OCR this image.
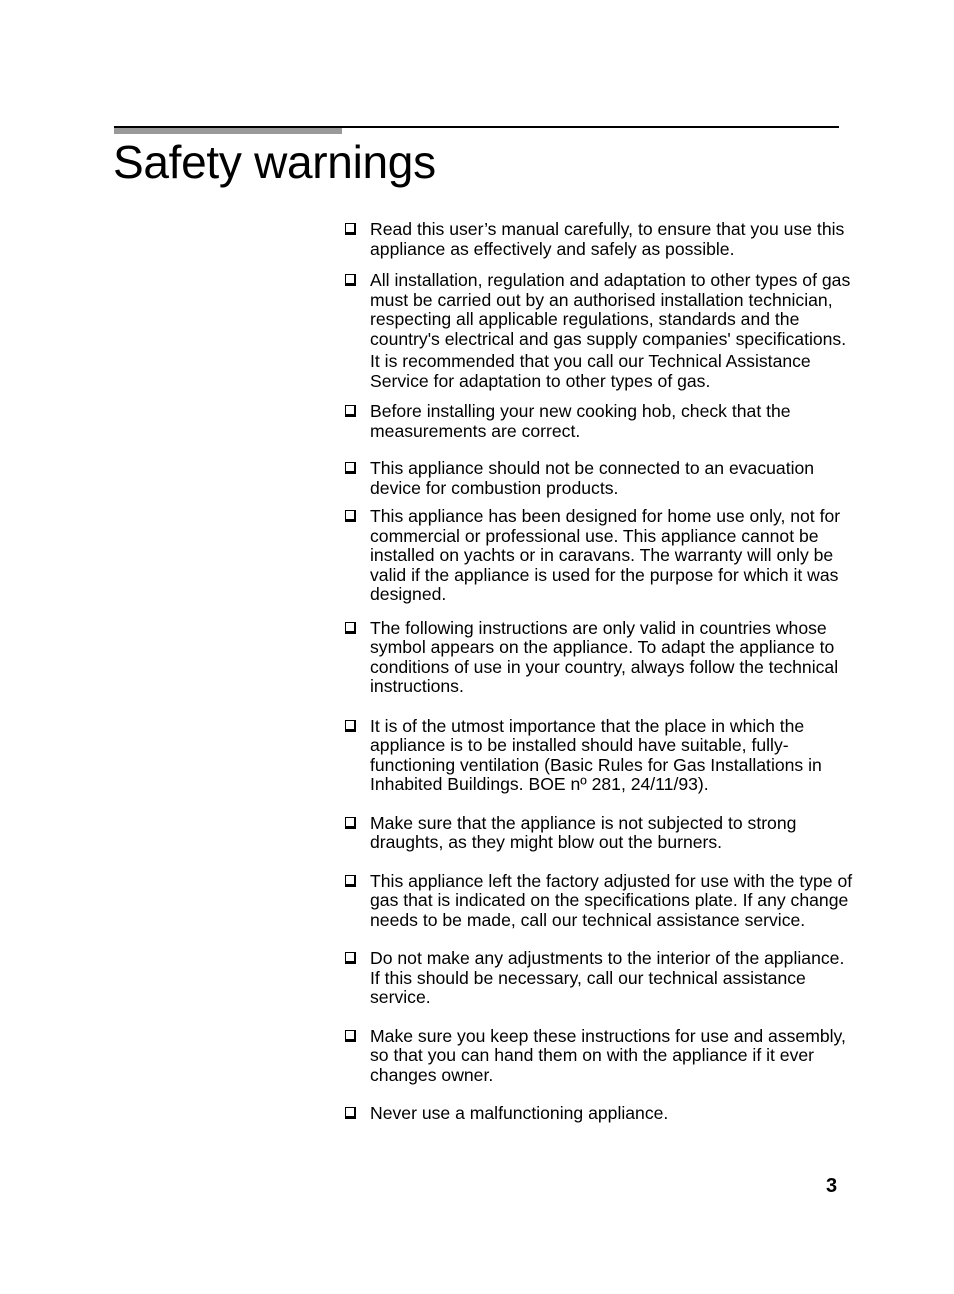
Safety warnings

Read this user’s manual carefully, to ensure that you use this appliance as effectively and safely as possible.

All installation, regulation and adaptation to other types of gas must be carried out by an authorised installation technician, respecting all applicable regulations, standards and the country's electrical and gas supply companies' specifications.

It is recommended that you call our Technical Assistance Service for adaptation to other types of gas.

Before installing your new cooking hob, check that the measurements are correct.

This appliance should not be connected to an evacuation device for combustion products.

This appliance has been designed for home use only, not for commercial or professional use. This appliance cannot be installed on yachts or in caravans. The warranty will only be valid if the appliance is used for the purpose for which it was designed.

The following instructions are only valid in countries whose symbol appears on the appliance. To adapt the appliance to conditions of use in your country, always follow the technical instructions.

It is of the utmost importance that the place in which the appliance is to be installed should have suitable, fully-functioning ventilation (Basic Rules for Gas Installations in Inhabited Buildings. BOE nº 281, 24/11/93).

Make sure that the appliance is not subjected to strong draughts, as they might blow out the burners.

This appliance left the factory adjusted for use with the type of gas that is indicated on the specifications plate. If any change needs to be made, call our technical assistance service.

Do not make any adjustments to the interior of the appliance. If this should be necessary, call our technical assistance service.

Make sure you keep these instructions for use and assembly, so that you can hand them on with the appliance if it ever changes owner.

Never use a malfunctioning appliance.

3
